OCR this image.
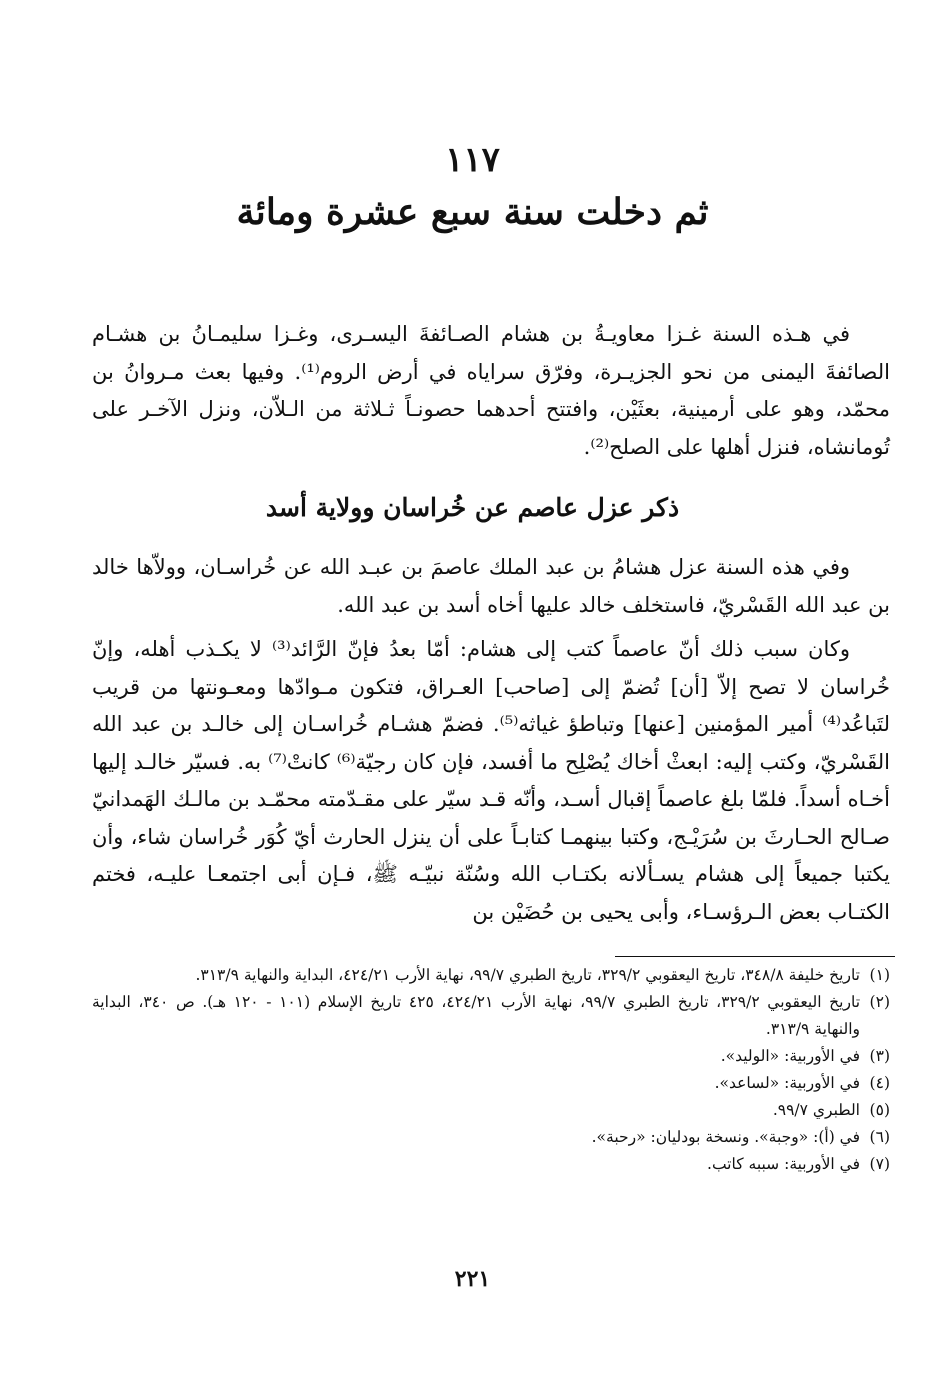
١١٧
ثم دخلت سنة سبع عشرة ومائة
في هـذه السنة غـزا معاويـةُ بن هشام الصـائفةَ اليسـرى، وغـزا سليمـانُ بن هشـام الصائفةَ اليمنى من نحو الجزيـرة، وفرّق سراياه في أرض الروم⁽¹⁾. وفيها بعث مـروانُ بن محمّد، وهو على أرمينية، بعثَيْن، وافتتح أحدهما حصونـاً ثـلاثة من الـلاّن، ونزل الآخـر على تُومانشاه، فنزل أهلها على الصلح⁽²⁾.
ذكر عزل عاصم عن خُراسان وولاية أسد
وفي هذه السنة عزل هشامُ بن عبد الملك عاصمَ بن عبـد الله عن خُراسـان، وولاّها خالد بن عبد الله القَسْريّ، فاستخلف خالد عليها أخاه أسد بن عبد الله.
وكان سبب ذلك أنّ عاصماً كتب إلى هشام: أمّا بعدُ فإنّ الرَّائد⁽³⁾ لا يكـذب أهله، وإنّ خُراسان لا تصح إلاّ [أن] تُضمّ إلى [صاحب] العـراق، فتكون مـوادّها ومعـونتها من قريب لتَباعُد⁽⁴⁾ أمير المؤمنين [عنها] وتباطؤ غياثه⁽⁵⁾. فضمّ هشـام خُراسـان إلى خالـد بن عبد الله القَسْريّ، وكتب إليه: ابعثْ أخاك يُصْلِح ما أفسد، فإن كان رجيّة⁽⁶⁾ كانتْ⁽⁷⁾ به. فسيّر خالـد إليها أخـاه أسداً. فلمّا بلغ عاصماً إقبال أسـد، وأنّه قـد سيّر على مقـدّمته محمّـد بن مالـك الهَمدانيّ صـالح الحـارثَ بن سُرَيْـج، وكتبا بينهمـا كتابـاً على أن ينزل الحارث أيّ كُوَر خُراسان شاء، وأن يكتبا جميعاً إلى هشام يسـألانه بكتـاب الله وسُنّة نبيّـه ﷺ، فـإن أبى اجتمعـا عليـه، فختم الكتـاب بعض الـرؤسـاء، وأبى يحيى بن حُضَيْن بن
(١)
تاريخ خليفة ٣٤٨/٨، تاريخ اليعقوبي ٣٢٩/٢، تاريخ الطبري ٩٩/٧، نهاية الأرب ٤٢٤/٢١، البداية والنهاية ٣١٣/٩.
(٢)
تاريخ اليعقوبي ٣٢٩/٢، تاريخ الطبري ٩٩/٧، نهاية الأرب ٤٢٤/٢١، ٤٢٥ تاريخ الإسلام (١٠١ - ١٢٠ هـ). ص ٣٤٠، البداية والنهاية ٣١٣/٩.
(٣)
في الأوربية: «الوليد».
(٤)
في الأوربية: «لساعد».
(٥)
الطبري ٩٩/٧.
(٦)
في (أ): «وجبة». ونسخة بودليان: «رحبة».
(٧)
في الأوربية: سببه كاتب.
٢٢١
